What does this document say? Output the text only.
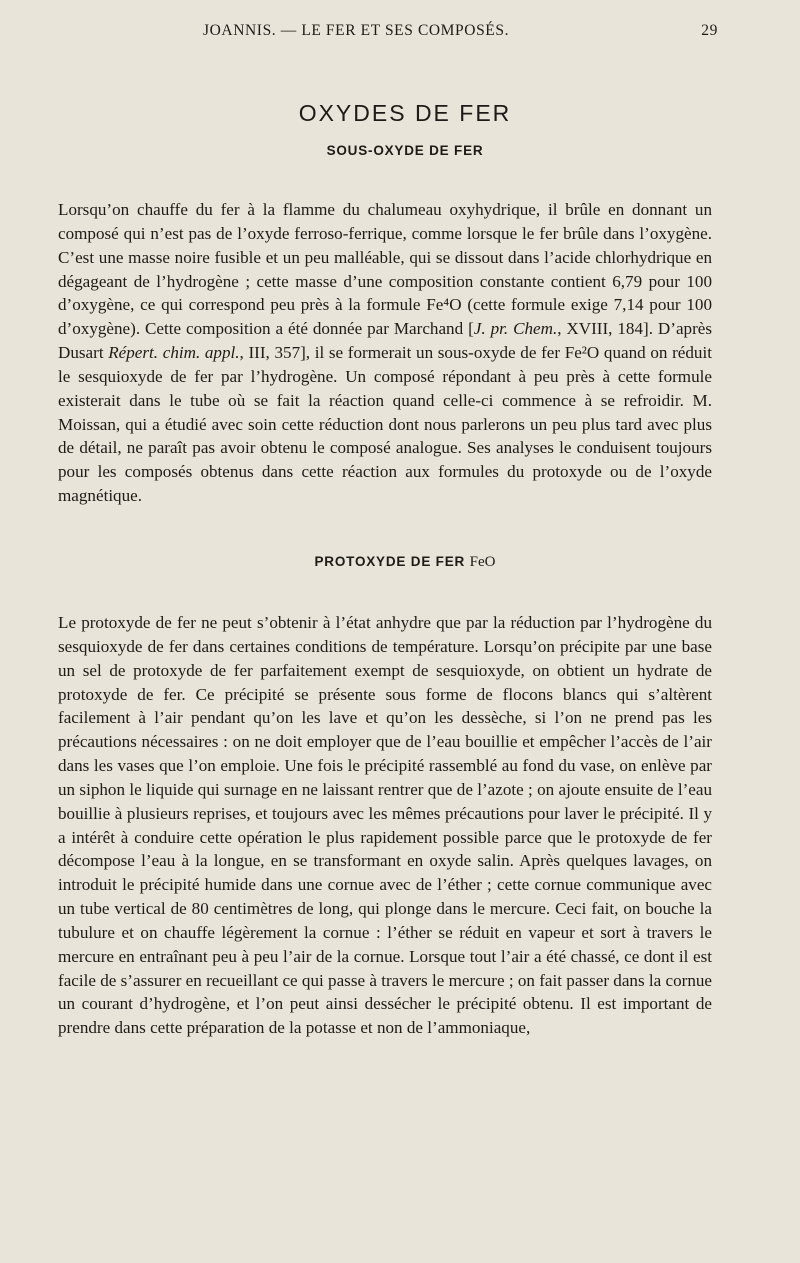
JOANNIS. — LE FER ET SES COMPOSÉS.	29
OXYDES DE FER
SOUS-OXYDE DE FER

Lorsqu’on chauffe du fer à la flamme du chalumeau oxyhydrique, il brûle en donnant un composé qui n’est pas de l’oxyde ferroso-ferrique, comme lorsque le fer brûle dans l’oxygène. C’est une masse noire fusible et un peu malléable, qui se dissout dans l’acide chlorhydrique en dégageant de l’hydrogène ; cette masse d’une composition constante contient 6,79 pour 100 d’oxygène, ce qui correspond peu près à la formule Fe⁴O (cette formule exige 7,14 pour 100 d’oxygène). Cette composition a été donnée par Marchand [J. pr. Chem., XVIII, 184]. D’après Dusart Répert. chim. appl., III, 357], il se formerait un sous-oxyde de fer Fe²O quand on réduit le sesquioxyde de fer par l’hydrogène. Un composé répondant à peu près à cette formule existerait dans le tube où se fait la réaction quand celle-ci commence à se refroidir. M. Moissan, qui a étudié avec soin cette réduction dont nous parlerons un peu plus tard avec plus de détail, ne paraît pas avoir obtenu le composé analogue. Ses analyses le conduisent toujours pour les composés obtenus dans cette réaction aux formules du protoxyde ou de l’oxyde magnétique.

PROTOXYDE DE FER FeO

Le protoxyde de fer ne peut s’obtenir à l’état anhydre que par la réduction par l’hydrogène du sesquioxyde de fer dans certaines conditions de température. Lorsqu’on précipite par une base un sel de protoxyde de fer parfaitement exempt de sesquioxyde, on obtient un hydrate de protoxyde de fer. Ce précipité se présente sous forme de flocons blancs qui s’altèrent facilement à l’air pendant qu’on les lave et qu’on les dessèche, si l’on ne prend pas les précautions nécessaires : on ne doit employer que de l’eau bouillie et empêcher l’accès de l’air dans les vases que l’on emploie. Une fois le précipité rassemblé au fond du vase, on enlève par un siphon le liquide qui surnage en ne laissant rentrer que de l’azote ; on ajoute ensuite de l’eau bouillie à plusieurs reprises, et toujours avec les mêmes précautions pour laver le précipité. Il y a intérêt à conduire cette opération le plus rapidement possible parce que le protoxyde de fer décompose l’eau à la longue, en se transformant en oxyde salin. Après quelques lavages, on introduit le précipité humide dans une cornue avec de l’éther ; cette cornue communique avec un tube vertical de 80 centimètres de long, qui plonge dans le mercure. Ceci fait, on bouche la tubulure et on chauffe légèrement la cornue : l’éther se réduit en vapeur et sort à travers le mercure en entraînant peu à peu l’air de la cornue. Lorsque tout l’air a été chassé, ce dont il est facile de s’assurer en recueillant ce qui passe à travers le mercure ; on fait passer dans la cornue un courant d’hydrogène, et l’on peut ainsi dessécher le précipité obtenu. Il est important de prendre dans cette préparation de la potasse et non de l’ammoniaque,
